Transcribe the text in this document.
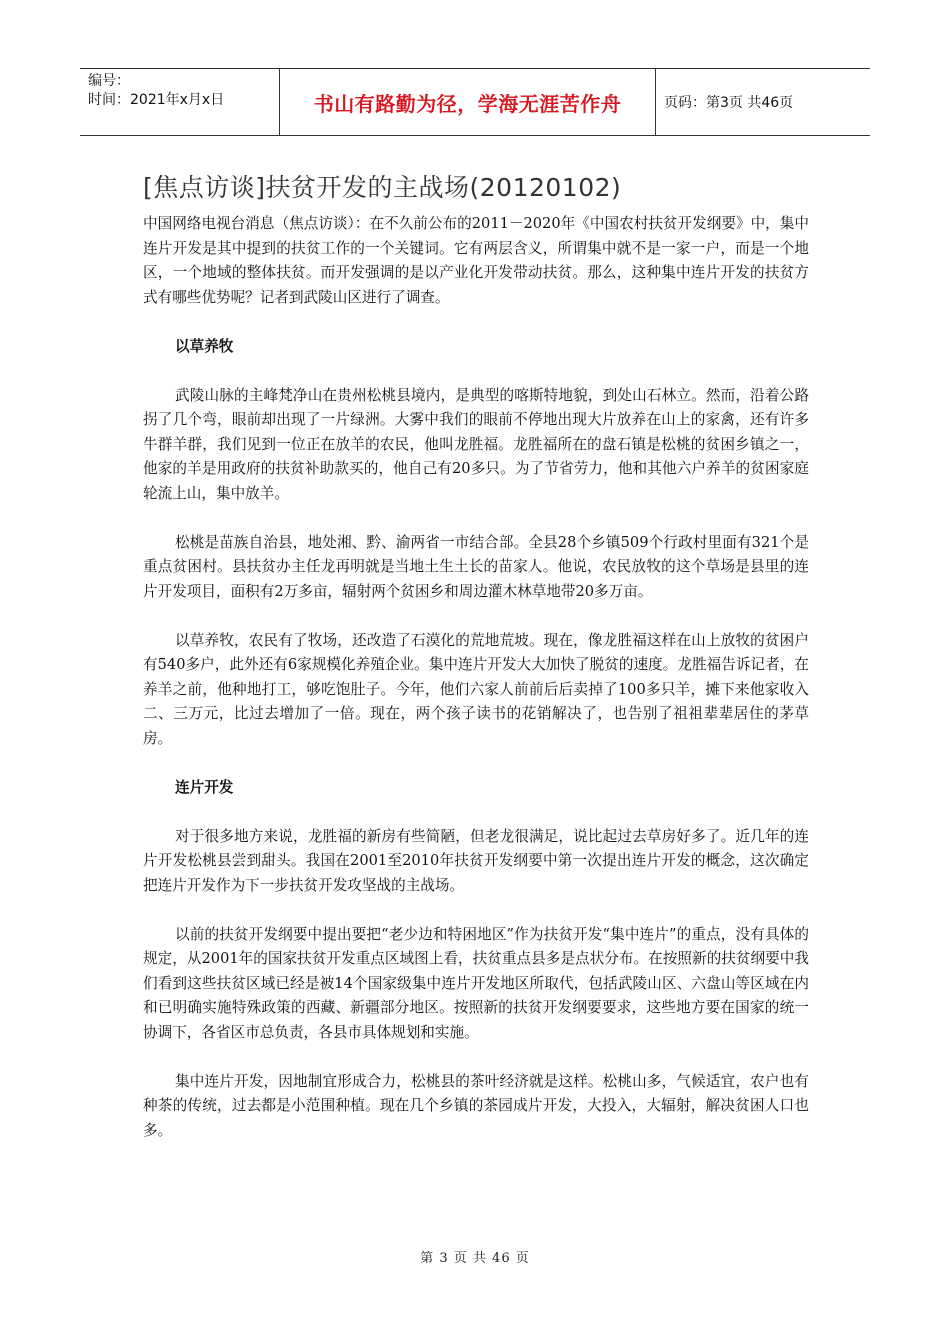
编号：
时间：2021年x月x日	书山有路勤为径，学海无涯苦作舟	页码：第3页 共46页
[焦点访谈]扶贫开发的主战场(20120102)

中国网络电视台消息（焦点访谈）：在不久前公布的2011－2020年《中国农村扶贫开发纲要》中，集中连片开发是其中提到的扶贫工作的一个关键词。它有两层含义，所谓集中就不是一家一户，而是一个地区，一个地域的整体扶贫。而开发强调的是以产业化开发带动扶贫。那么，这种集中连片开发的扶贫方式有哪些优势呢？记者到武陵山区进行了调查。

以草养牧

武陵山脉的主峰梵净山在贵州松桃县境内，是典型的喀斯特地貌，到处山石林立。然而，沿着公路拐了几个弯，眼前却出现了一片绿洲。大雾中我们的眼前不停地出现大片放养在山上的家禽，还有许多牛群羊群，我们见到一位正在放羊的农民，他叫龙胜福。龙胜福所在的盘石镇是松桃的贫困乡镇之一，他家的羊是用政府的扶贫补助款买的，他自己有20多只。为了节省劳力，他和其他六户养羊的贫困家庭轮流上山，集中放羊。

松桃是苗族自治县，地处湘、黔、渝两省一市结合部。全县28个乡镇509个行政村里面有321个是重点贫困村。县扶贫办主任龙再明就是当地土生土长的苗家人。他说，农民放牧的这个草场是县里的连片开发项目，面积有2万多亩，辐射两个贫困乡和周边灌木林草地带20多万亩。

以草养牧，农民有了牧场，还改造了石漠化的荒地荒坡。现在，像龙胜福这样在山上放牧的贫困户有540多户，此外还有6家规模化养殖企业。集中连片开发大大加快了脱贫的速度。龙胜福告诉记者，在养羊之前，他种地打工，够吃饱肚子。今年，他们六家人前前后后卖掉了100多只羊，摊下来他家收入二、三万元，比过去增加了一倍。现在，两个孩子读书的花销解决了，也告别了祖祖辈辈居住的茅草房。

连片开发

对于很多地方来说，龙胜福的新房有些简陋，但老龙很满足，说比起过去草房好多了。近几年的连片开发松桃县尝到甜头。我国在2001至2010年扶贫开发纲要中第一次提出连片开发的概念，这次确定把连片开发作为下一步扶贫开发攻坚战的主战场。

以前的扶贫开发纲要中提出要把“老少边和特困地区”作为扶贫开发“集中连片”的重点，没有具体的规定，从2001年的国家扶贫开发重点区域图上看，扶贫重点县多是点状分布。在按照新的扶贫纲要中我们看到这些扶贫区域已经是被14个国家级集中连片开发地区所取代，包括武陵山区、六盘山等区域在内和已明确实施特殊政策的西藏、新疆部分地区。按照新的扶贫开发纲要要求，这些地方要在国家的统一协调下，各省区市总负责，各县市具体规划和实施。

集中连片开发，因地制宜形成合力，松桃县的茶叶经济就是这样。松桃山多，气候适宜，农户也有种茶的传统，过去都是小范围种植。现在几个乡镇的茶园成片开发，大投入，大辐射，解决贫困人口也多。

第 3 页 共 46 页
